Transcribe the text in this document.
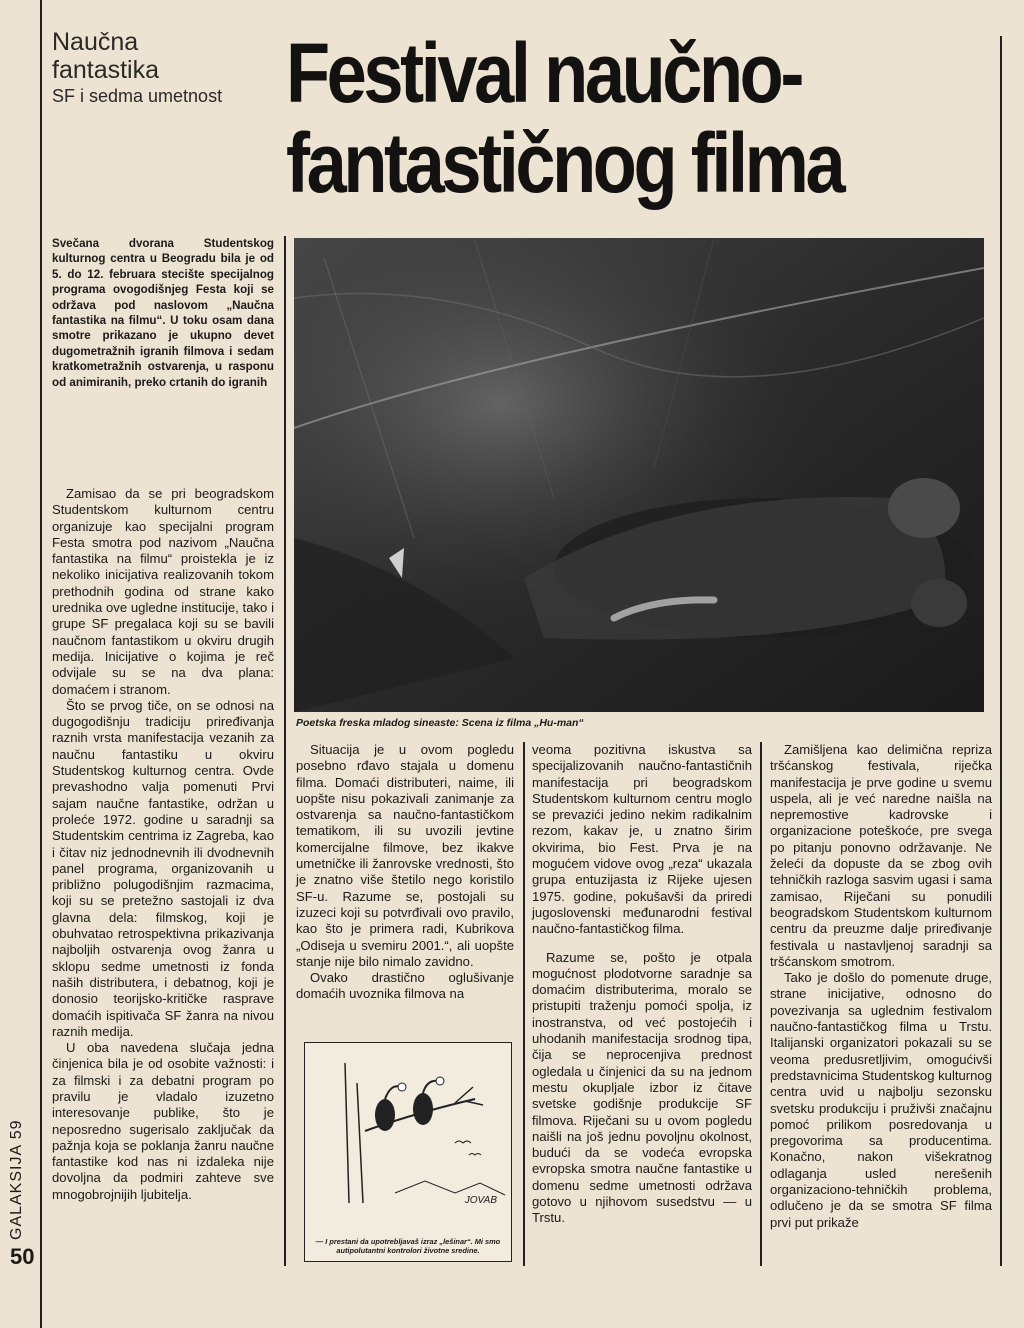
Naučna
fantastika
SF i sedma umetnost Festival naučno-
fantastičnog filma
Svečana dvorana Studentskog kulturnog centra u Beogradu bila je od 5. do 12. februara stecište specijalnog programa ovogodišnjeg Festa koji se održava pod naslovom „Naučna fantastika na filmu“. U toku osam dana smotre prikazano je ukupno devet dugometražnih igranih filmova i sedam kratkometražnih ostvarenja, u rasponu od animiranih, preko crtanih do igranih
Poetska freska mladog sineaste: Scena iz filma „Hu-man“

Zamisao da se pri beogradskom Studentskom kulturnom centru organizuje kao specijalni program Festa smotra pod nazivom „Naučna fantastika na filmu“ proistekla je iz nekoliko inicijativa realizovanih tokom prethodnih godina od strane kako urednika ove ugledne institucije, tako i grupe SF pregalaca koji su se bavili naučnom fantastikom u okviru drugih medija. Inicijative o kojima je reč odvijale su se na dva plana: domaćem i stranom.

Što se prvog tiče, on se odnosi na dugogodišnju tradiciju priređivanja raznih vrsta manifestacija vezanih za naučnu fantastiku u okviru Studentskog kulturnog centra. Ovde prevashodno valja pomenuti Prvi sajam naučne fantastike, održan u proleće 1972. godine u saradnji sa Studentskim centrima iz Zagreba, kao i čitav niz jednodnevnih ili dvodnevnih panel programa, organizovanih u približno polugodišnjim razmacima, koji su se pretežno sastojali iz dva glavna dela: filmskog, koji je obuhvatao retrospektivna prikazivanja najboljih ostvarenja ovog žanra u sklopu sedme umetnosti iz fonda naših distributera, i debatnog, koji je donosio teorijsko-kritičke rasprave domaćih ispitivača SF žanra na nivou raznih medija.

U oba navedena slučaja jedna činjenica bila je od osobite važnosti: i za filmski i za debatni program po pravilu je vladalo izuzetno interesovanje publike, što je neposredno sugerisalo zaključak da pažnja koja se poklanja žanru naučne fantastike kod nas ni izdaleka nije dovoljna da podmiri zahteve sve mnogobrojnijih ljubitelja.

Situacija je u ovom pogledu posebno rđavo stajala u domenu filma. Domaći distributeri, naime, ili uopšte nisu pokazivali zanimanje za ostvarenja sa naučno-fantastičkom tematikom, ili su uvozili jevtine komercijalne filmove, bez ikakve umetničke ili žanrovske vrednosti, što je znatno više štetilo nego koristilo SF-u. Razume se, postojali su izuzeci koji su potvrđivali ovo pravilo, kao što je primera radi, Kubrikova „Odiseja u svemiru 2001.“, ali uopšte stanje nije bilo nimalo zavidno.

Ovako drastično oglušivanje domaćih uvoznika filmova na

JOVAB
— I prestani da upotrebljavaš izraz „lešinar“. Mi smo autipolutantni kontrolori životne sredine.

veoma pozitivna iskustva sa specijalizovanih naučno-fantastičnih manifestacija pri beogradskom Studentskom kulturnom centru moglo se prevazići jedino nekim radikalnim rezom, kakav je, u znatno širim okvirima, bio Fest. Prva je na mogućem vidove ovog „reza“ ukazala grupa entuzijasta iz Rijeke ujesen 1975. godine, pokušavši da priredi jugoslovenski međunarodni festival naučno-fantastičkog filma.

Razume se, pošto je otpala mogućnost plodotvorne saradnje sa domaćim distributerima, moralo se pristupiti traženju pomoći spolja, iz inostranstva, od već postojećih i uhodanih manifestacija srodnog tipa, čija se neprocenjiva prednost ogledala u činjenici da su na jednom mestu okupljale izbor iz čitave svetske godišnje produkcije SF filmova. Riječani su u ovom pogledu naišli na još jednu povoljnu okolnost, budući da se vodeća evropska evropska smotra naučne fantastike u domenu sedme umetnosti održava gotovo u njihovom susedstvu — u Trstu.

Zamišljena kao delimična repriza tršćanskog festivala, riječka manifestacija je prve godine u svemu uspela, ali je već naredne naišla na nepremostive kadrovske i organizacione poteškoće, pre svega po pitanju ponovno održavanje. Ne želeći da dopuste da se zbog ovih tehničkih razloga sasvim ugasi i sama zamisao, Riječani su ponudili beogradskom Studentskom kulturnom centru da preuzme dalje priređivanje festivala u nastavljenoj saradnji sa tršćanskom smotrom.

Tako je došlo do pomenute druge, strane inicijative, odnosno do povezivanja sa uglednim festivalom naučno-fantastičkog filma u Trstu. Italijanski organizatori pokazali su se veoma predusretljivim, omogućivši predstavnicima Studentskog kulturnog centra uvid u najbolju sezonsku svetsku produkciju i pruživši značajnu pomoć prilikom posredovanja u pregovorima sa producentima. Konačno, nakon višekratnog odlaganja usled nerešenih organizaciono-tehničkih problema, odlučeno je da se smotra SF filma prvi put prikaže

GALAKSIJA 59
50
